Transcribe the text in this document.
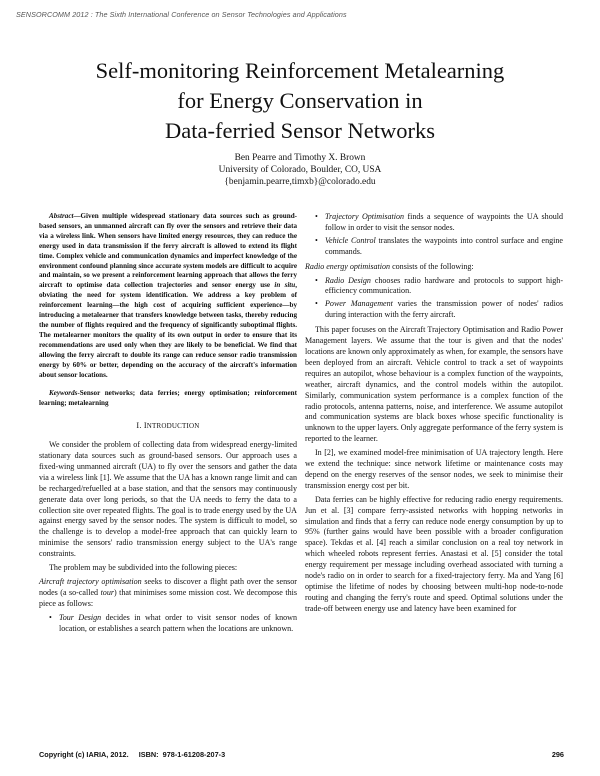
SENSORCOMM 2012 : The Sixth International Conference on Sensor Technologies and Applications
Self-monitoring Reinforcement Metalearning
for Energy Conservation in
Data-ferried Sensor Networks
Ben Pearre and Timothy X. Brown
University of Colorado, Boulder, CO, USA
{benjamin.pearre,timxb}@colorado.edu
Abstract—Given multiple widespread stationary data sources such as ground-based sensors, an unmanned aircraft can fly over the sensors and retrieve their data via a wireless link. When sensors have limited energy resources, they can reduce the energy used in data transmission if the ferry aircraft is allowed to extend its flight time. Complex vehicle and communication dynamics and imperfect knowledge of the environment confound planning since accurate system models are difficult to acquire and maintain, so we present a reinforcement learning approach that allows the ferry aircraft to optimise data collection trajectories and sensor energy use in situ, obviating the need for system identification. We address a key problem of reinforcement learning—the high cost of acquiring sufficient experience—by introducing a metalearner that transfers knowledge between tasks, thereby reducing the number of flights required and the frequency of significantly suboptimal flights. The metalearner monitors the quality of its own output in order to ensure that its recommendations are used only when they are likely to be beneficial. We find that allowing the ferry aircraft to double its range can reduce sensor radio transmission energy by 60% or better, depending on the accuracy of the aircraft's information about sensor locations.
Keywords-Sensor networks; data ferries; energy optimisation; reinforcement learning; metalearning
I. INTRODUCTION

We consider the problem of collecting data from widespread energy-limited stationary data sources such as ground-based sensors. Our approach uses a fixed-wing unmanned aircraft (UA) to fly over the sensors and gather the data via a wireless link [1]. We assume that the UA has a known range limit and can be recharged/refuelled at a base station, and that the sensors may continuously generate data over long periods, so that the UA needs to ferry the data to a collection site over repeated flights. The goal is to trade energy used by the UA against energy saved by the sensor nodes. The system is difficult to model, so the challenge is to develop a model-free approach that can quickly learn to minimise the sensors' radio transmission energy subject to the UA's range constraints.

The problem may be subdivided into the following pieces:

Aircraft trajectory optimisation seeks to discover a flight path over the sensor nodes (a so-called tour) that minimises some mission cost. We decompose this piece as follows:

• Tour Design decides in what order to visit sensor nodes of known location, or establishes a search pattern when the locations are unknown.
• Trajectory Optimisation finds a sequence of waypoints the UA should follow in order to visit the sensor nodes.
• Vehicle Control translates the waypoints into control surface and engine commands.

Radio energy optimisation consists of the following:

• Radio Design chooses radio hardware and protocols to support high-efficiency communication.
• Power Management varies the transmission power of nodes' radios during interaction with the ferry aircraft.

This paper focuses on the Aircraft Trajectory Optimisation and Radio Power Management layers. We assume that the tour is given and that the nodes' locations are known only approximately as when, for example, the sensors have been deployed from an aircraft. Vehicle control to track a set of waypoints requires an autopilot, whose behaviour is a complex function of the waypoints, weather, aircraft dynamics, and the control models within the autopilot. Similarly, communication system performance is a complex function of the radio protocols, antenna patterns, noise, and interference. We assume autopilot and communication systems are black boxes whose specific functionality is unknown to the upper layers. Only aggregate performance of the ferry system is reported to the learner.

In [2], we examined model-free minimisation of UA trajectory length. Here we extend the technique: since network lifetime or maintenance costs may depend on the energy reserves of the sensor nodes, we seek to minimise their transmission energy cost per bit.

Data ferries can be highly effective for reducing radio energy requirements. Jun et al. [3] compare ferry-assisted networks with hopping networks in simulation and finds that a ferry can reduce node energy consumption by up to 95% (further gains would have been possible with a broader configuration space). Tekdas et al. [4] reach a similar conclusion on a real toy network in which wheeled robots represent ferries. Anastasi et al. [5] consider the total energy requirement per message including overhead associated with turning a node's radio on in order to search for a fixed-trajectory ferry. Ma and Yang [6] optimise the lifetime of nodes by choosing between multi-hop node-to-node routing and changing the ferry's route and speed. Optimal solutions under the trade-off between energy use and latency have been examined for

Copyright (c) IARIA, 2012.     ISBN:  978-1-61208-207-3	296
